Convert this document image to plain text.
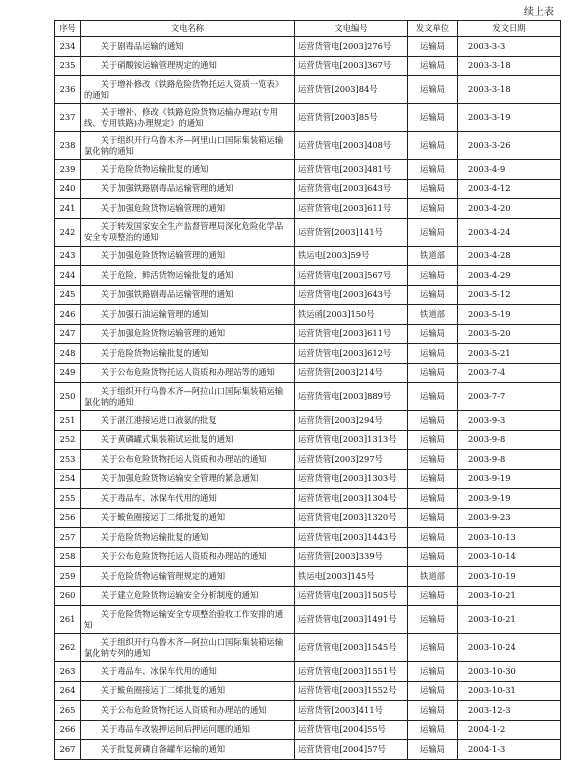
续上表
序号	文电名称	文电编号	发文单位	发文日期
234	关于剧毒品运输的通知	运营货管电[2003]276号	运输局	2003-3-3
235	关于硝酸铵运输管理规定的通知	运营货管电[2003]367号	运输局	2003-3-18
236	关于增补修改《铁路危险货物托运人资质一览表》的通知	运营货管[2003]84号	运输局	2003-3-18
237	关于增补、修改《铁路危险货物运输办理站(专用线、专用铁路)办理规定》的通知	运营货管[2003]85号	运输局	2003-3-19
238	关于组织开行乌鲁木齐—阿里山口国际集装箱运输氯化钠的通知	运营货管电[2003]408号	运输局	2003-3-26
239	关于危险货物运输批复的通知	运营货管电[2003]481号	运输局	2003-4-9
240	关于加强铁路剧毒品运输管理的通知	运营货管电[2003]643号	运输局	2003-4-12
241	关于加强危险货物运输管理的通知	运营货管电[2003]611号	运输局	2003-4-20
242	关于转发国家安全生产监督管理局深化危险化学品安全专项整治的通知	运营货管[2003]141号	运输局	2003-4-24
243	关于加强危险货物运输管理的通知	铁运电[2003]59号	铁道部	2003-4-28
244	关于危险、鲜活货物运输批复的通知	运营货管电[2003]567号	运输局	2003-4-29
245	关于加强铁路剧毒品运输管理的通知	运营货管电[2003]643号	运输局	2003-5-12
246	关于加强石油运输管理的通知	铁运函[2003]150号	铁道部	2003-5-19
247	关于加强危险货物运输管理的通知	运营货管电[2003]611号	运输局	2003-5-20
248	关于危险货物运输批复的通知	运营货管电[2003]612号	运输局	2003-5-21
249	关于公布危险货物托运人资质和办理站等的通知	运营货管[2003]214号	运输局	2003-7-4
250	关于组织开行乌鲁木齐—阿拉山口国际集装箱运输氯化钠的通知	运营货管电[2003]889号	运输局	2003-7-7
251	关于湛江港接运进口液氨的批复	运营货管[2003]294号	运输局	2003-9-3
252	关于黄磷罐式集装箱试运批复的通知	运营货管电[2003]1313号	运输局	2003-9-8
253	关于公布危险货物托运人资质和办理站的通知	运营货管[2003]297号	运输局	2003-9-8
254	关于加强危险货物运输安全管理的紧急通知	运营货管电[2003]1303号	运输局	2003-9-19
255	关于毒品车、冰保车代用的通知	运营货管电[2003]1304号	运输局	2003-9-19
256	关于鲅鱼圈接运丁二烯批复的通知	运营货管电[2003]1320号	运输局	2003-9-23
257	关于危险货物运输批复的通知	运营货管电[2003]1443号	运输局	2003-10-13
258	关于公布危险货物托运人资质和办理站的通知	运营货管[2003]339号	运输局	2003-10-14
259	关于危险货物运输管理规定的通知	铁运电[2003]145号	铁道部	2003-10-19
260	关于建立危险货物运输安全分析制度的通知	运营货管电[2003]1505号	运输局	2003-10-21
261	关于危险货物运输安全专项整治验收工作安排的通知	运营货管电[2003]1491号	运输局	2003-10-21
262	关于组织开行乌鲁木齐—阿拉山口国际集装箱运输氯化钠专列的通知	运营货管电[2003]1545号	运输局	2003-10-24
263	关于毒品车、冰保车代用的通知	运营货管电[2003]1551号	运输局	2003-10-30
264	关于鲅鱼圈接运丁二烯批复的通知	运营货管电[2003]1552号	运输局	2003-10-31
265	关于公布危险货物托运人资质和办理站的通知	运营货管[2003]411号	运输局	2003-12-3
266	关于毒品车改装押运间后押运问题的通知	运营货管电[2004]55号	运输局	2004-1-2
267	关于批复黄磷自备罐车运输的通知	运营货管电[2004]57号	运输局	2004-1-3
